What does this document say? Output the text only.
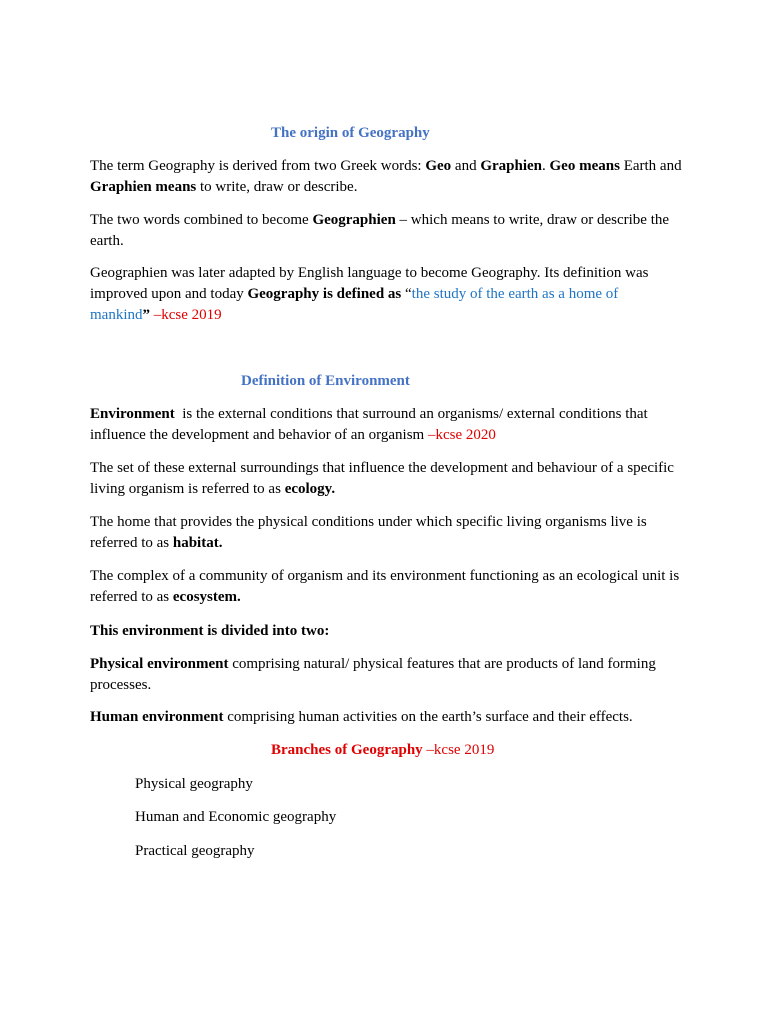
The origin of Geography

The term Geography is derived from two Greek words: Geo and Graphien. Geo means Earth and Graphien means to write, draw or describe.

The two words combined to become Geographien – which means to write, draw or describe the earth.

Geographien was later adapted by English language to become Geography. Its definition was improved upon and today Geography is defined as “the study of the earth as a home of mankind” –kcse 2019

Definition of Environment

Environment  is the external conditions that surround an organisms/ external conditions that influence the development and behavior of an organism –kcse 2020

The set of these external surroundings that influence the development and behaviour of a specific living organism is referred to as ecology.

The home that provides the physical conditions under which specific living organisms live is referred to as habitat.

The complex of a community of organism and its environment functioning as an ecological unit is referred to as ecosystem.

This environment is divided into two:

Physical environment comprising natural/ physical features that are products of land forming processes.

Human environment comprising human activities on the earth’s surface and their effects.

Branches of Geography –kcse 2019
Physical geography
Human and Economic geography
Practical geography
